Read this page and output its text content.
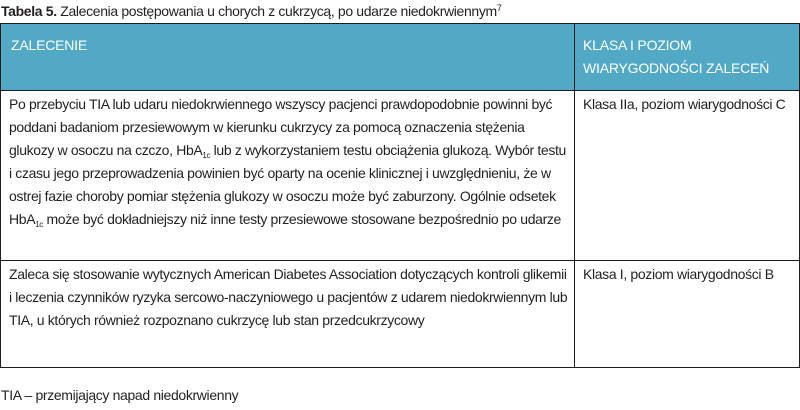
Tabela 5. Zalecenia postępowania u chorych z cukrzycą, po udarze niedokrwiennym$^7$
ZALECENIE	KLASA I POZIOM WIARYGODNOŚCI ZALECEŃ
Po przebyciu TIA lub udaru niedokrwiennego wszyscy pacjenci prawdopodobnie powinni być poddani badaniom przesiewowym w kierunku cukrzycy za pomocą oznaczenia stężenia glukozy w osoczu na czczo, HbA$_{1c}$ lub z wykorzystaniem testu obciążenia glukozą. Wybór testu i czasu jego przeprowadzenia powinien być oparty na ocenie klinicznej i uwzględnieniu, że w ostrej fazie choroby pomiar stężenia glukozy w osoczu może być zaburzony. Ogólnie odsetek HbA$_{1c}$ może być dokładniejszy niż inne testy przesiewowe stosowane bezpośrednio po udarze	Klasa IIa, poziom wiarygodności C
Zaleca się stosowanie wytycznych American Diabetes Association dotyczących kontroli glikemii i leczenia czynników ryzyka sercowo-naczyniowego u pacjentów z udarem niedokrwiennym lub TIA, u których również rozpoznano cukrzycę lub stan przedcukrzycowy	Klasa I, poziom wiarygodności B
TIA – przemijający napad niedokrwienny
